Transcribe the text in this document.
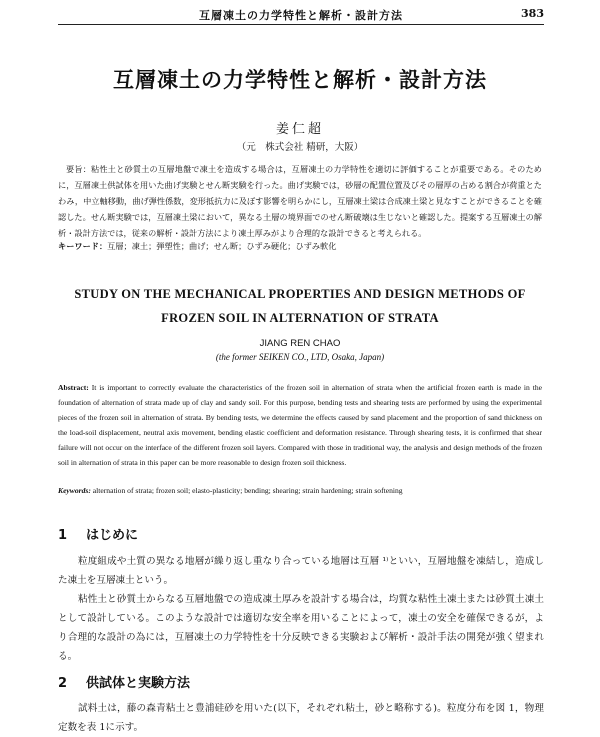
互層凍土の力学特性と解析・設計方法	383
互層凍土の力学特性と解析・設計方法
姜仁超
（元　株式会社 精研，大阪）

要旨：粘性土と砂質土の互層地盤で凍土を造成する場合は，互層凍土の力学特性を適切に評価することが重要である。そのために，互層凍土供試体を用いた曲げ実験とせん断実験を行った。曲げ実験では，砂層の配置位置及びその層厚の占める割合が荷重とたわみ，中立軸移動，曲げ弾性係数，変形抵抗力に及ぼす影響を明らかにし，互層凍土梁は合成凍土梁と見なすことができることを確認した。せん断実験では，互層凍土梁において，異なる土層の境界面でのせん断破壊は生じないと確認した。提案する互層凍土の解析・設計方法では，従来の解析・設計方法により凍土厚みがより合理的な設計できると考えられる。

キーワード：互層；凍土；弾塑性；曲げ；せん断；ひずみ硬化；ひずみ軟化
STUDY ON THE MECHANICAL PROPERTIES AND DESIGN METHODS OF FROZEN SOIL IN ALTERNATION OF STRATA
JIANG REN CHAO
(the former SEIKEN CO., LTD, Osaka, Japan)

Abstract: It is important to correctly evaluate the characteristics of the frozen soil in alternation of strata when the artificial frozen earth is made in the foundation of alternation of strata made up of clay and sandy soil. For this purpose, bending tests and shearing tests are performed by using the experimental pieces of the frozen soil in alternation of strata. By bending tests, we determine the effects caused by sand placement and the proportion of sand thickness on the load-soil displacement, neutral axis movement, bending elastic coefficient and deformation resistance. Through shearing tests, it is confirmed that shear failure will not occur on the interface of the different frozen soil layers. Compared with those in traditional way, the analysis and design methods of the frozen soil in alternation of strata in this paper can be more reasonable to design frozen soil thickness.

Keywords: alternation of strata; frozen soil; elasto-plasticity; bending; shearing; strain hardening; strain softening
1 はじめに

粒度組成や土質の異なる地層が繰り返し重なり合っている地層は互層 ¹⁾といい，互層地盤を凍結し，造成した凍土を互層凍土という。

粘性土と砂質土からなる互層地盤での造成凍土厚みを設計する場合は，均質な粘性土凍土または砂質土凍土として設計している。このような設計では適切な安全率を用いることによって，凍土の安全を確保できるが，より合理的な設計の為には，互層凍土の力学特性を十分反映できる実験および解析・設計手法の開発が強く望まれる。

2 供試体と実験方法

試料土は，藤の森青粘土と豊浦硅砂を用いた(以下，それぞれ粘土，砂と略称する)。粒度分布を図 1，物理定数を表 1に示す。
